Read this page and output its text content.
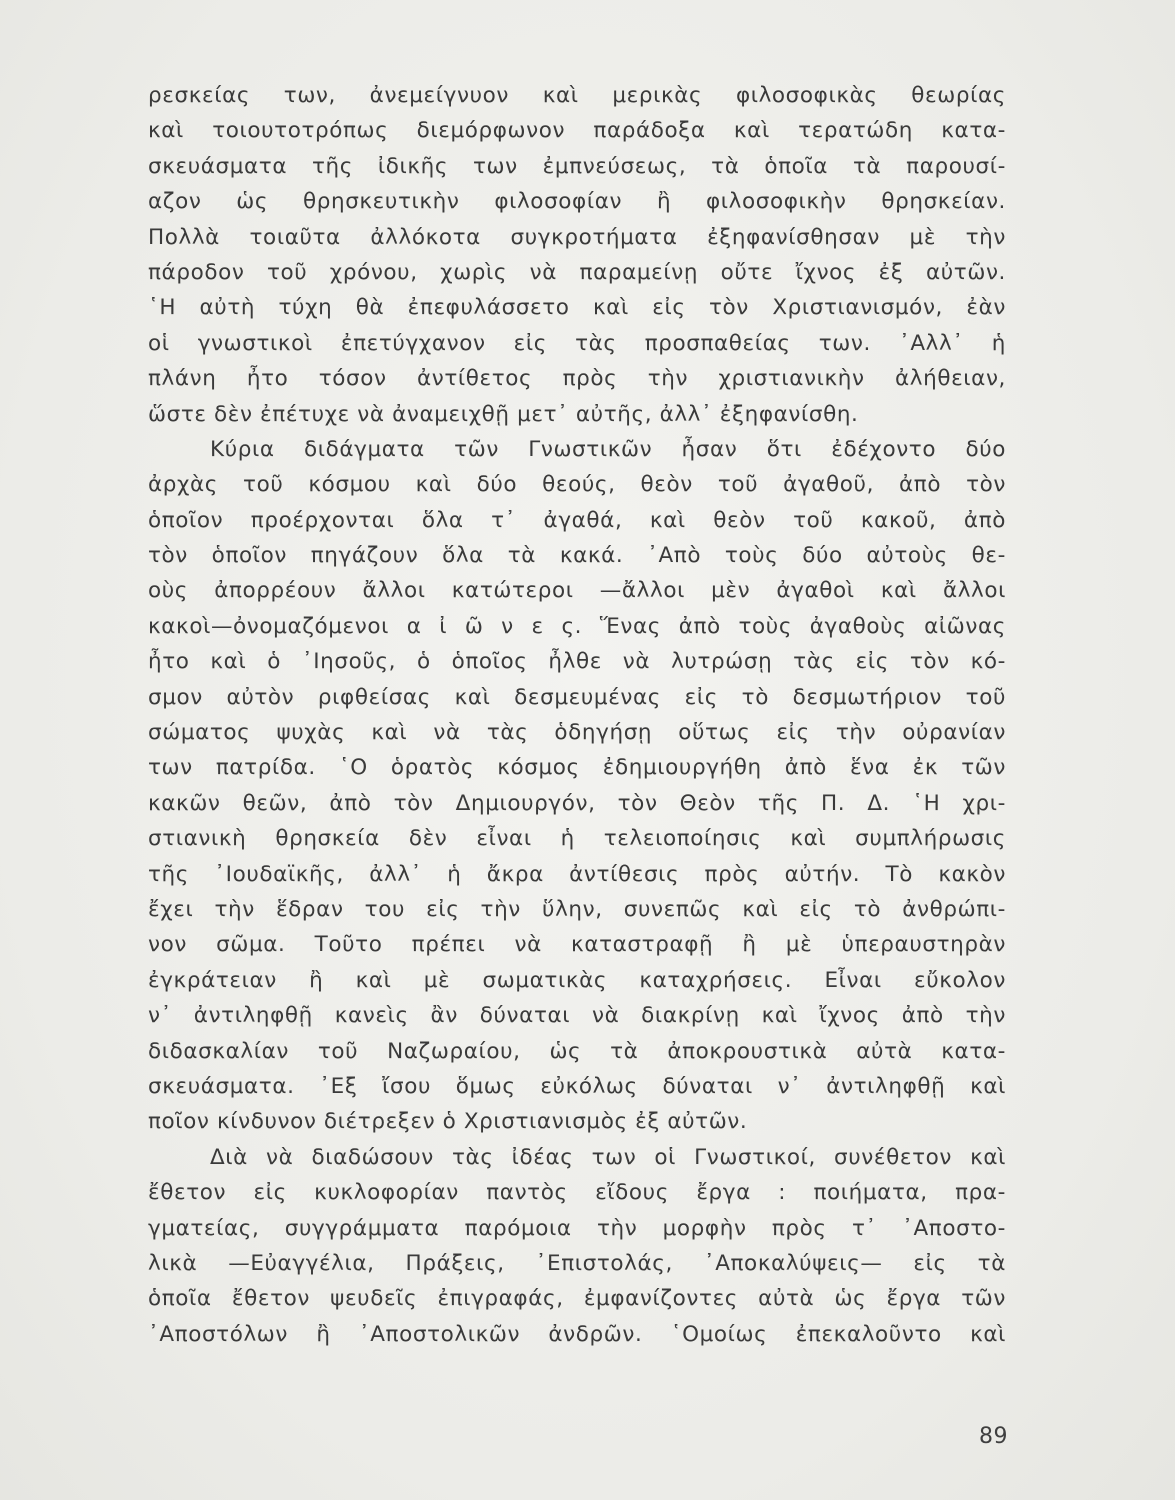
ρεσκείας των, ἀνεμείγνυον καὶ μερικὰς φιλοσοφικὰς θεωρίας
καὶ τοιουτοτρόπως διεμόρφωνον παράδοξα καὶ τερατώδη κατα-
σκευάσματα τῆς ἰδικῆς των ἐμπνεύσεως, τὰ ὁποῖα τὰ παρουσί-
αζον ὡς θρησκευτικὴν φιλοσοφίαν ἢ φιλοσοφικὴν θρησκείαν.
Πολλὰ τοιαῦτα ἀλλόκοτα συγκροτήματα ἐξηφανίσθησαν μὲ τὴν
πάροδον τοῦ χρόνου, χωρὶς νὰ παραμείνῃ οὔτε ἴχνος ἐξ αὐτῶν.
῾Η αὐτὴ τύχη θὰ ἐπεφυλάσσετο καὶ εἰς τὸν Χριστιανισμόν, ἐὰν
οἱ γνωστικοὶ ἐπετύγχανον εἰς τὰς προσπαθείας των. ᾿Αλλ᾿ ἡ
πλάνη ἦτο τόσον ἀντίθετος πρὸς τὴν χριστιανικὴν ἀλήθειαν,
ὥστε δὲν ἐπέτυχε νὰ ἀναμειχθῇ μετ᾿ αὐτῆς, ἀλλ᾿ ἐξηφανίσθη.
Κύρια διδάγματα τῶν Γνωστικῶν ἦσαν ὅτι ἐδέχοντο δύο
ἀρχὰς τοῦ κόσμου καὶ δύο θεούς, θεὸν τοῦ ἀγαθοῦ, ἀπὸ τὸν
ὁποῖον προέρχονται ὅλα τ᾿ ἀγαθά, καὶ θεὸν τοῦ κακοῦ, ἀπὸ
τὸν ὁποῖον πηγάζουν ὅλα τὰ κακά. ᾿Απὸ τοὺς δύο αὐτοὺς θε-
οὺς ἀπορρέουν ἄλλοι κατώτεροι —ἄλλοι μὲν ἀγαθοὶ καὶ ἄλλοι
κακοὶ—ὀνομαζόμενοι α ἰ ῶ ν ε ς. Ἕνας ἀπὸ τοὺς ἀγαθοὺς αἰῶνας
ἦτο καὶ ὁ ᾿Ιησοῦς, ὁ ὁποῖος ἦλθε νὰ λυτρώσῃ τὰς εἰς τὸν κό-
σμον αὐτὸν ριφθείσας καὶ δεσμευμένας εἰς τὸ δεσμωτήριον τοῦ
σώματος ψυχὰς καὶ νὰ τὰς ὁδηγήσῃ οὕτως εἰς τὴν οὐρανίαν
των πατρίδα. ῾Ο ὁρατὸς κόσμος ἐδημιουργήθη ἀπὸ ἕνα ἐκ τῶν
κακῶν θεῶν, ἀπὸ τὸν Δημιουργόν, τὸν Θεὸν τῆς Π. Δ. ῾Η χρι-
στιανικὴ θρησκεία δὲν εἶναι ἡ τελειοποίησις καὶ συμπλήρωσις
τῆς ᾿Ιουδαϊκῆς, ἀλλ᾿ ἡ ἄκρα ἀντίθεσις πρὸς αὐτήν. Τὸ κακὸν
ἔχει τὴν ἕδραν του εἰς τὴν ὕλην, συνεπῶς καὶ εἰς τὸ ἀνθρώπι-
νον σῶμα. Τοῦτο πρέπει νὰ καταστραφῇ ἢ μὲ ὑπεραυστηρὰν
ἐγκράτειαν ἢ καὶ μὲ σωματικὰς καταχρήσεις. Εἶναι εὔκολον
ν᾿ ἀντιληφθῇ κανεὶς ἂν δύναται νὰ διακρίνῃ καὶ ἴχνος ἀπὸ τὴν
διδασκαλίαν τοῦ Ναζωραίου, ὡς τὰ ἀποκρουστικὰ αὐτὰ κατα-
σκευάσματα. ᾿Εξ ἴσου ὅμως εὐκόλως δύναται ν᾿ ἀντιληφθῇ καὶ
ποῖον κίνδυνον διέτρεξεν ὁ Χριστιανισμὸς ἐξ αὐτῶν.
Διὰ νὰ διαδώσουν τὰς ἰδέας των οἱ Γνωστικοί, συνέθετον καὶ
ἔθετον εἰς κυκλοφορίαν παντὸς εἴδους ἔργα : ποιήματα, πρα-
γματείας, συγγράμματα παρόμοια τὴν μορφὴν πρὸς τ᾿ ᾿Αποστο-
λικὰ —Εὐαγγέλια, Πράξεις, ᾿Επιστολάς, ᾿Αποκαλύψεις— εἰς τὰ
ὁποῖα ἔθετον ψευδεῖς ἐπιγραφάς, ἐμφανίζοντες αὐτὰ ὡς ἔργα τῶν
᾿Αποστόλων ἢ ᾿Αποστολικῶν ἀνδρῶν. ῾Ομοίως ἐπεκαλοῦντο καὶ
89
